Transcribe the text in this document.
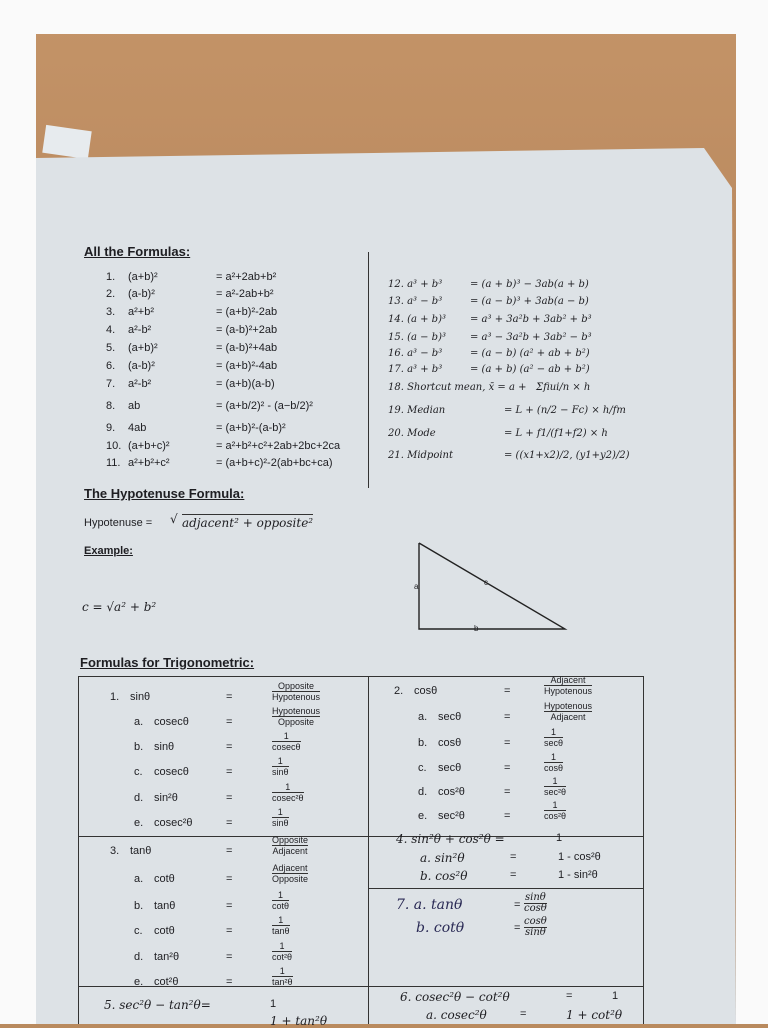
All the Formulas:
1. (a+b)²	= a²+2ab+b²
2. (a-b)²	= a²-2ab+b²
3. a²+b²	= (a+b)²-2ab
4. a²-b²	= (a-b)²+2ab
5. (a+b)²	= (a-b)²+4ab
6. (a-b)²	= (a+b)²-4ab
7. a²-b²	= (a+b)(a-b)
8. ab	= (a+b/2)² - (a−b/2)²
9. 4ab	= (a+b)²-(a-b)²
10. (a+b+c)²	= a²+b²+c²+2ab+2bc+2ca
11. a²+b²+c²	= (a+b+c)²-2(ab+bc+ca)
12. a³ + b³	= (a + b)³ − 3ab(a + b)
13. a³ − b³	= (a − b)³ + 3ab(a − b)
14. (a + b)³ = a³ + 3a²b + 3ab² + b³
15. (a − b)³ = a³ − 3a²b + 3ab² − b³
16. a³ − b³	= (a − b) (a² + ab + b²)
17. a³ + b³	= (a + b) (a² − ab + b²)
18. Shortcut mean, x̄ = a + Σfiui/n × h
19. Median	= L + (n/2 − Fc) × h/fm
20. Mode	= L + f1/(f1+f2) × h
21. Midpoint	= ((x1+x2)/2, (y1+y2)/2)
The Hypotenuse Formula:
Hypotenuse = √ adjacent² + opposite²
Example:
c = √a² + b²
a
b
c
Formulas for Trigonometric:
1. sinθ	=
Opposite
Hypotenous
a. cosecθ	=
Hypotenous
Opposite
b. sinθ	=
1
cosecθ
c. cosecθ	=
1
sinθ
d. sin²θ	=
1
cosec²θ
e. cosec²θ	=
1
sinθ
3. tanθ	=
Opposite
Adjacent
a. cotθ	=
Adjacent
Opposite
b. tanθ	=
1
cotθ
c. cotθ	=
1
tanθ
d. tan²θ	=
1
cot²θ
e. cot²θ	=
1
tan²θ
2. cosθ	=
Adjacent
Hypotenous
a. secθ	=
Hypotenous
Adjacent
b. cosθ	=
1
secθ
c. secθ	=
1
cosθ
d. cos²θ	=
1
sec²θ
e. sec²θ	=
1
cos²θ
4. sin²θ + cos²θ =	1
a. sin²θ	=	1 - cos²θ
b. cos²θ	=	1 - sin²θ
7. a. tanθ	=
sinθ
cosθ
b. cotθ	=
cosθ
sinθ
5. sec²θ − tan²θ=	1
1 + tan²θ
6. cosec²θ − cot²θ	=	1
a. cosec²θ	=	1 + cot²θ
